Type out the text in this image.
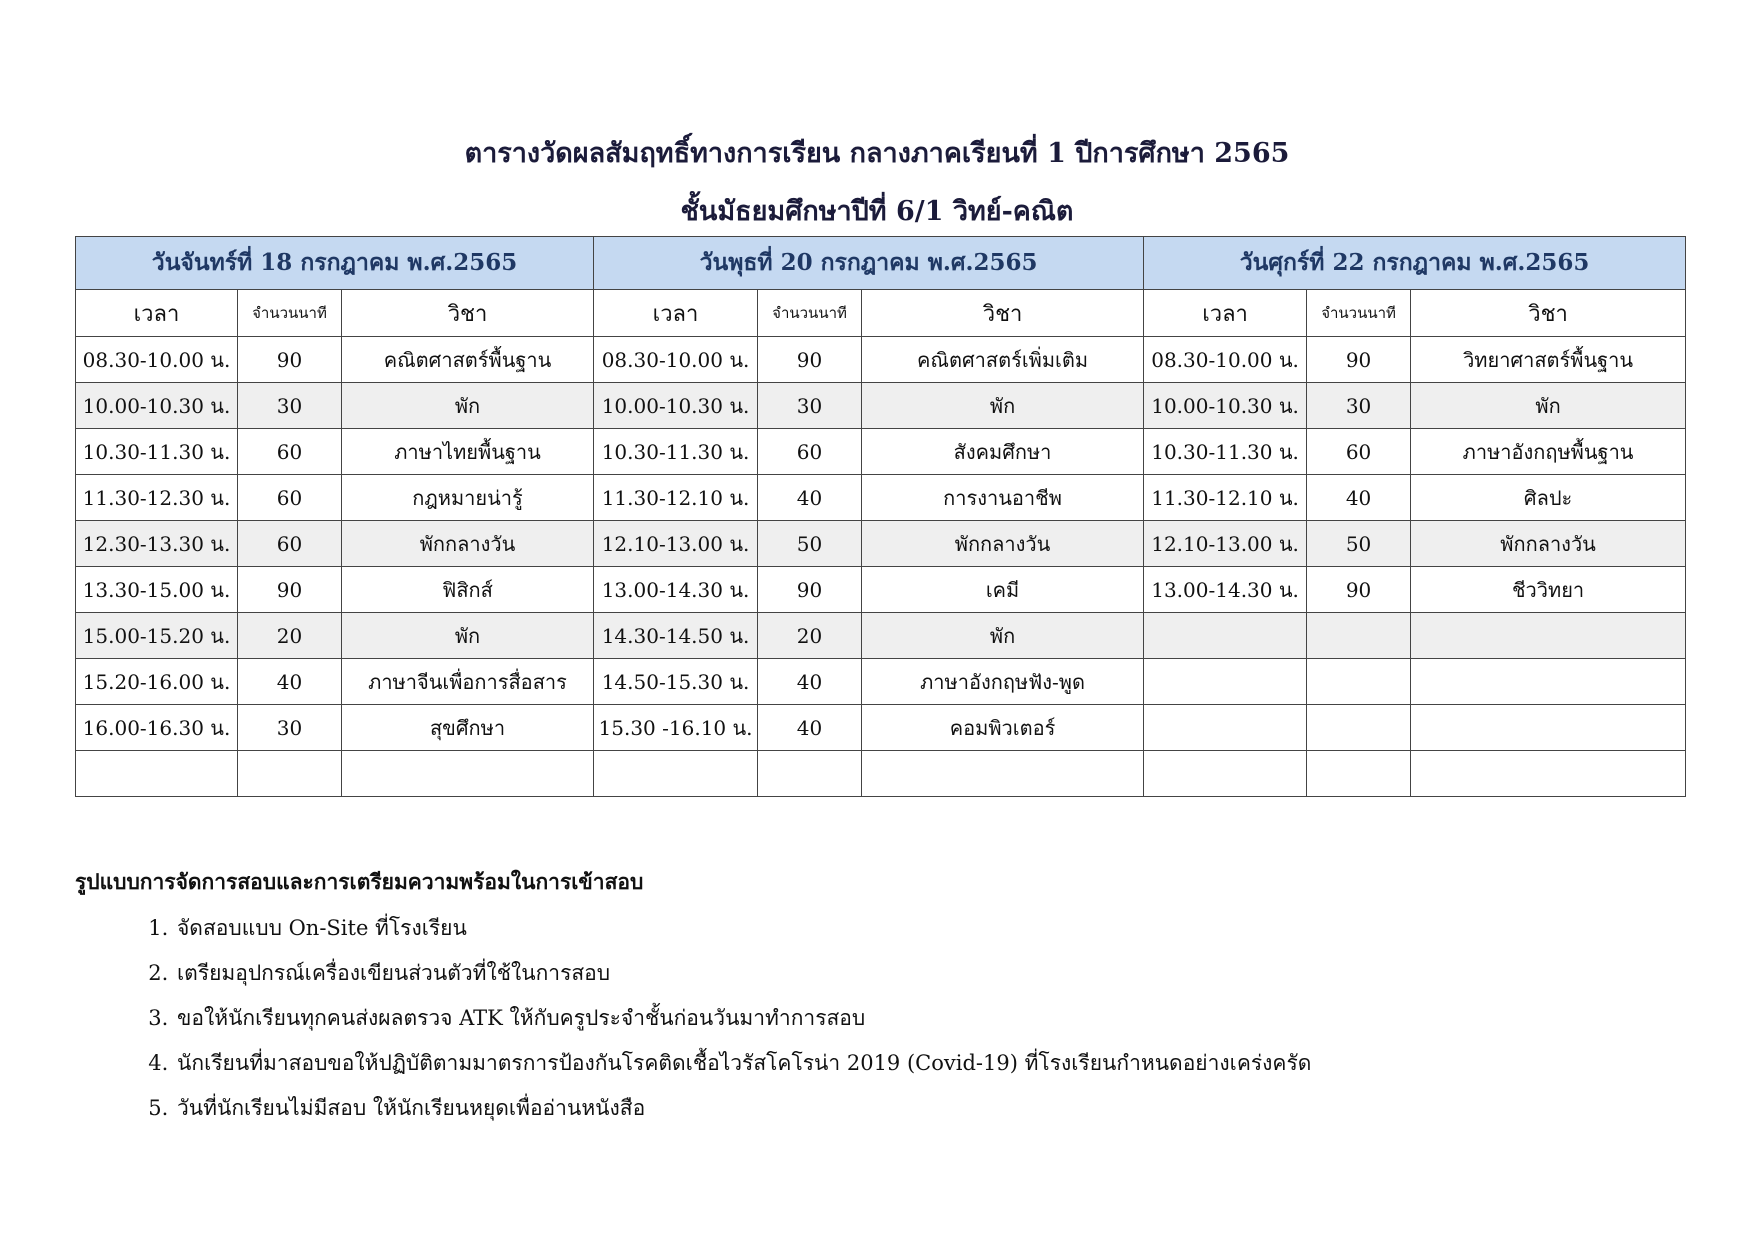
ตารางวัดผลสัมฤทธิ์ทางการเรียน กลางภาคเรียนที่ 1 ปีการศึกษา 2565
ชั้นมัธยมศึกษาปีที่ 6/1 วิทย์-คณิต
วันจันทร์ที่ 18 กรกฎาคม พ.ศ.2565			วันพุธที่ 20 กรกฎาคม พ.ศ.2565			วันศุกร์ที่ 22 กรกฎาคม พ.ศ.2565		
เวลา	จำนวนนาที	วิชา	เวลา	จำนวนนาที	วิชา	เวลา	จำนวนนาที	วิชา
08.30-10.00 น.	90	คณิตศาสตร์พื้นฐาน	08.30-10.00 น.	90	คณิตศาสตร์เพิ่มเติม	08.30-10.00 น.	90	วิทยาศาสตร์พื้นฐาน
10.00-10.30 น.	30	พัก	10.00-10.30 น.	30	พัก	10.00-10.30 น.	30	พัก
10.30-11.30 น.	60	ภาษาไทยพื้นฐาน	10.30-11.30 น.	60	สังคมศึกษา	10.30-11.30 น.	60	ภาษาอังกฤษพื้นฐาน
11.30-12.30 น.	60	กฎหมายน่ารู้	11.30-12.10 น.	40	การงานอาชีพ	11.30-12.10 น.	40	ศิลปะ
12.30-13.30 น.	60	พักกลางวัน	12.10-13.00 น.	50	พักกลางวัน	12.10-13.00 น.	50	พักกลางวัน
13.30-15.00 น.	90	ฟิสิกส์	13.00-14.30 น.	90	เคมี	13.00-14.30 น.	90	ชีววิทยา
15.00-15.20 น.	20	พัก	14.30-14.50 น.	20	พัก			
15.20-16.00 น.	40	ภาษาจีนเพื่อการสื่อสาร	14.50-15.30 น.	40	ภาษาอังกฤษฟัง-พูด			
16.00-16.30 น.	30	สุขศึกษา	15.30 -16.10 น.	40	คอมพิวเตอร์			

รูปแบบการจัดการสอบและการเตรียมความพร้อมในการเข้าสอบ

1. จัดสอบแบบ On-Site ที่โรงเรียน
2. เตรียมอุปกรณ์เครื่องเขียนส่วนตัวที่ใช้ในการสอบ
3. ขอให้นักเรียนทุกคนส่งผลตรวจ ATK ให้กับครูประจำชั้นก่อนวันมาทำการสอบ
4. นักเรียนที่มาสอบขอให้ปฏิบัติตามมาตรการป้องกันโรคติดเชื้อไวรัสโคโรน่า 2019 (Covid-19) ที่โรงเรียนกำหนดอย่างเคร่งครัด
5. วันที่นักเรียนไม่มีสอบ ให้นักเรียนหยุดเพื่ออ่านหนังสือ
